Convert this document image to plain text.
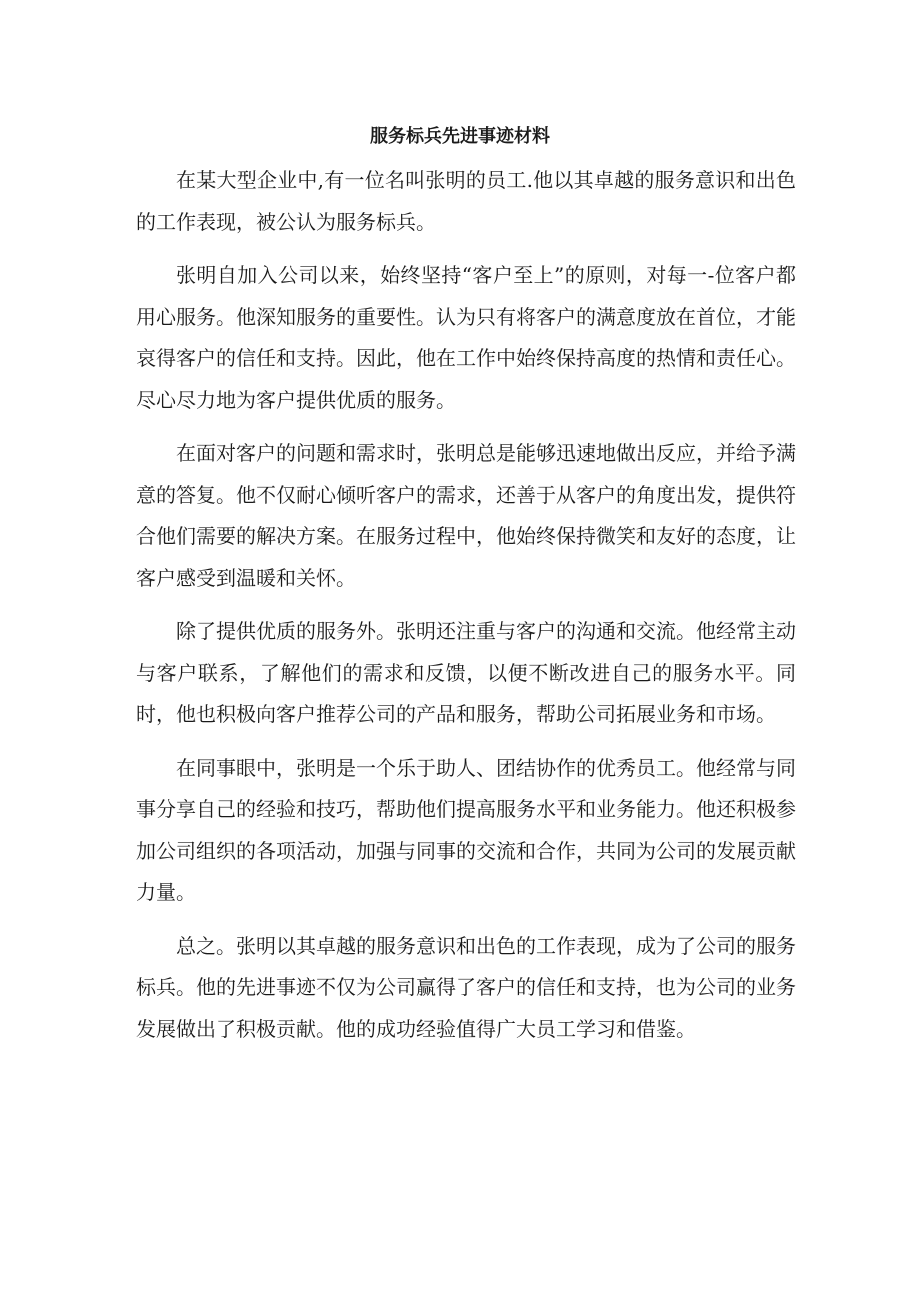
服务标兵先进事迹材料

在某大型企业中,有一位名叫张明的员工.他以其卓越的服务意识和出色的工作表现，被公认为服务标兵。

张明自加入公司以来，始终坚持“客户至上”的原则，对每一-位客户都用心服务。他深知服务的重要性。认为只有将客户的满意度放在首位，才能哀得客户的信任和支持。因此，他在工作中始终保持高度的热情和责任心。尽心尽力地为客户提供优质的服务。

在面对客户的问题和需求时，张明总是能够迅速地做出反应，并给予满意的答复。他不仅耐心倾听客户的需求，还善于从客户的角度出发，提供符合他们需要的解决方案。在服务过程中，他始终保持微笑和友好的态度，让客户感受到温暖和关怀。

除了提供优质的服务外。张明还注重与客户的沟通和交流。他经常主动与客户联系，了解他们的需求和反馈，以便不断改进自己的服务水平。同时，他也积极向客户推荐公司的产品和服务，帮助公司拓展业务和市场。

在同事眼中，张明是一个乐于助人、团结协作的优秀员工。他经常与同事分享自己的经验和技巧，帮助他们提高服务水平和业务能力。他还积极参加公司组织的各项活动，加强与同事的交流和合作，共同为公司的发展贡献力量。

总之。张明以其卓越的服务意识和出色的工作表现，成为了公司的服务标兵。他的先进事迹不仅为公司赢得了客户的信任和支持，也为公司的业务发展做出了积极贡献。他的成功经验值得广大员工学习和借鉴。
